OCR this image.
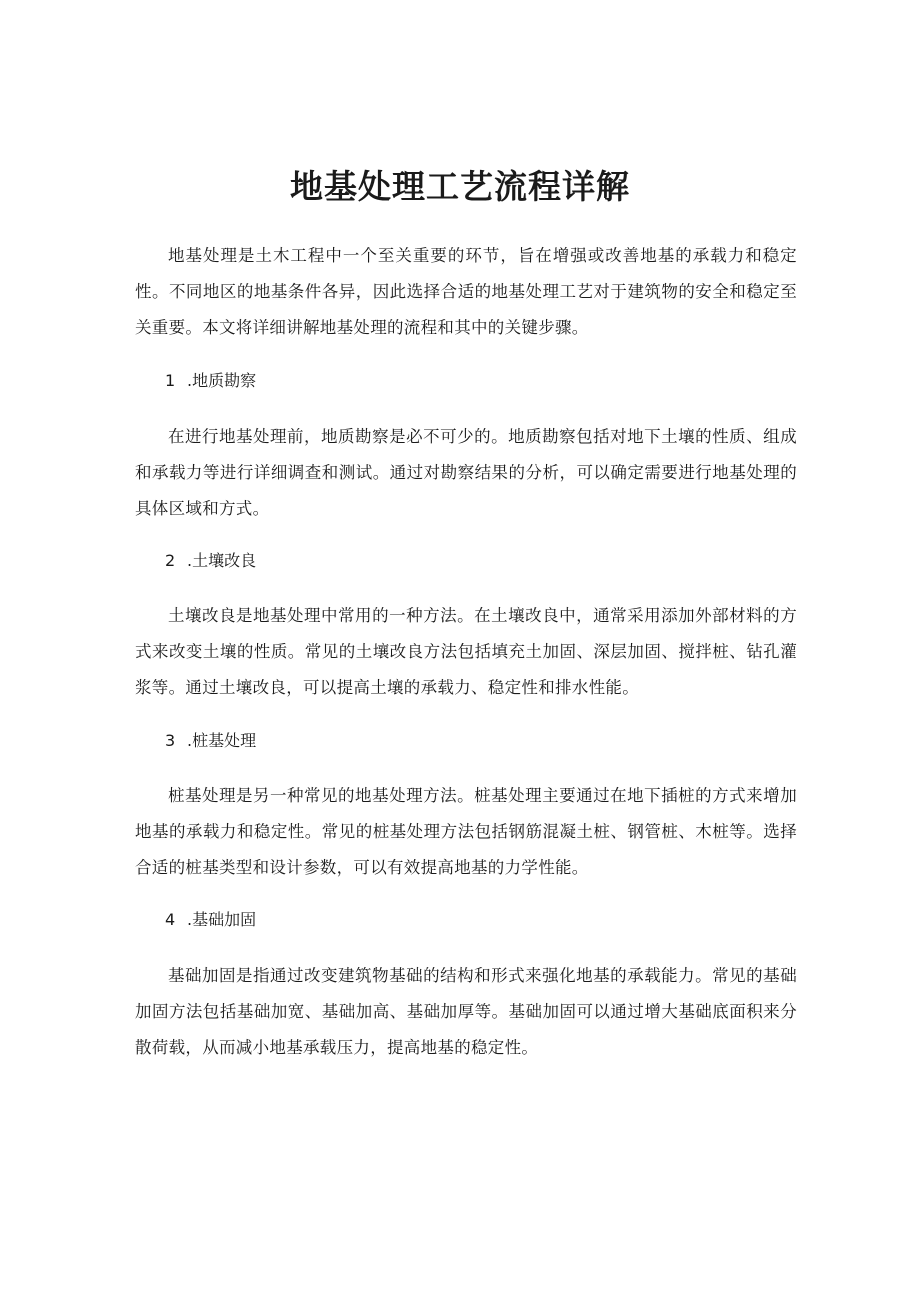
地基处理工艺流程详解

地基处理是土木工程中一个至关重要的环节，旨在增强或改善地基的承载力和稳定性。不同地区的地基条件各异，因此选择合适的地基处理工艺对于建筑物的安全和稳定至关重要。本文将详细讲解地基处理的流程和其中的关键步骤。

1 .地质勘察

在进行地基处理前，地质勘察是必不可少的。地质勘察包括对地下土壤的性质、组成和承载力等进行详细调查和测试。通过对勘察结果的分析，可以确定需要进行地基处理的具体区域和方式。

2 .土壤改良

土壤改良是地基处理中常用的一种方法。在土壤改良中，通常采用添加外部材料的方式来改变土壤的性质。常见的土壤改良方法包括填充土加固、深层加固、搅拌桩、钻孔灌浆等。通过土壤改良，可以提高土壤的承载力、稳定性和排水性能。

3 .桩基处理

桩基处理是另一种常见的地基处理方法。桩基处理主要通过在地下插桩的方式来增加地基的承载力和稳定性。常见的桩基处理方法包括钢筋混凝土桩、钢管桩、木桩等。选择合适的桩基类型和设计参数，可以有效提高地基的力学性能。

4 .基础加固

基础加固是指通过改变建筑物基础的结构和形式来强化地基的承载能力。常见的基础加固方法包括基础加宽、基础加高、基础加厚等。基础加固可以通过增大基础底面积来分散荷载，从而减小地基承载压力，提高地基的稳定性。
